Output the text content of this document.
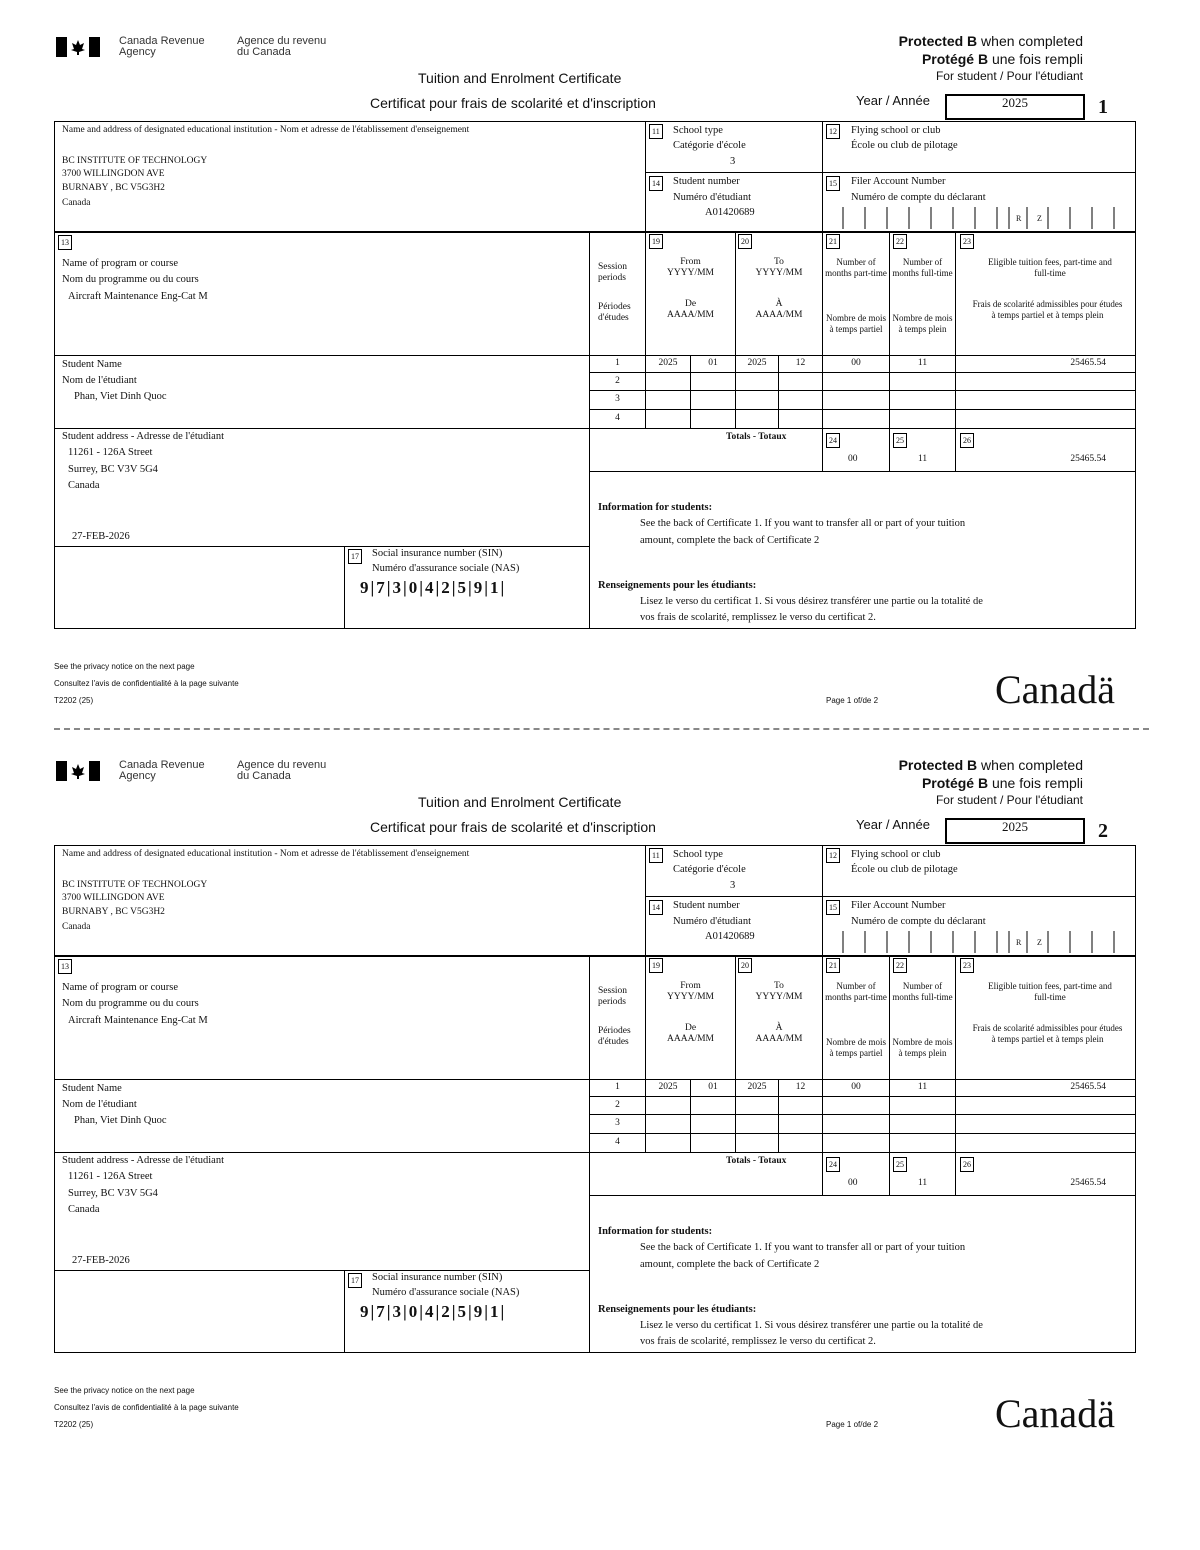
Canada Revenue
Agency
Agence du revenu
du Canada
Protected B when completed
Protégé B une fois rempli
For student / Pour l'étudiant
Tuition and Enrolment Certificate
Certificat pour frais de scolarité et d'inscription	Year / Année	2025	1
Name and address of designated educational institution - Nom et adresse de l'établissement d'enseignement
BC INSTITUTE OF TECHNOLOGY
3700 WILLINGDON AVE
BURNABY , BC V5G3H2
Canada
11 School type
Catégorie d'école
3
12 Flying school or club
École ou club de pilotage
14 Student number
Numéro d'étudiant
A01420689
15 Filer Account Number
Numéro de compte du déclarant
R Z
13
Name of program or course
Nom du programme ou du cours
Aircraft Maintenance Eng-Cat M
Session periods
Périodes d'études
19
From
YYYY/MM
De
AAAA/MM
20
To
YYYY/MM
À
AAAA/MM
21
Number of months part-time
Nombre de mois à temps partiel
22
Number of months full-time
Nombre de mois à temps plein
23
Eligible tuition fees, part-time and full-time
Frais de scolarité admissibles pour études à temps partiel et à temps plein
Student Name
Nom de l'étudiant
Phan, Viet Dinh Quoc
1	2025	01	2025	12	00	11	25465.54
2
3
4
Student address - Adresse de l'étudiant
11261 - 126A Street
Surrey, BC V3V 5G4
Canada
27-FEB-2026
Totals - Totaux	24	25	26
00	11	25465.54
17 Social insurance number (SIN)
Numéro d'assurance sociale (NAS)
9|7|3|0|4|2|5|9|1|
Information for students:
See the back of Certificate 1. If you want to transfer all or part of your tuition
amount, complete the back of Certificate 2
Renseignements pour les étudiants:
Lisez le verso du certificat 1. Si vous désirez transférer une partie ou la totalité de
vos frais de scolarité, remplissez le verso du certificat 2.
See the privacy notice on the next page
Consultez l'avis de confidentialité à la page suivante
T2202 (25)	Page 1 of/de 2	Canadä
Canada Revenue
Agency
Agence du revenu
du Canada
Protected B when completed
Protégé B une fois rempli
For student / Pour l'étudiant
Tuition and Enrolment Certificate
Certificat pour frais de scolarité et d'inscription	Year / Année	2025	2
Name and address of designated educational institution - Nom et adresse de l'établissement d'enseignement
BC INSTITUTE OF TECHNOLOGY
3700 WILLINGDON AVE
BURNABY , BC V5G3H2
Canada
11 School type
Catégorie d'école
3
12 Flying school or club
École ou club de pilotage
14 Student number
Numéro d'étudiant
A01420689
15 Filer Account Number
Numéro de compte du déclarant
R Z
13
Name of program or course
Nom du programme ou du cours
Aircraft Maintenance Eng-Cat M
Session periods
Périodes d'études
19
From
YYYY/MM
De
AAAA/MM
20
To
YYYY/MM
À
AAAA/MM
21
Number of months part-time
Nombre de mois à temps partiel
22
Number of months full-time
Nombre de mois à temps plein
23
Eligible tuition fees, part-time and full-time
Frais de scolarité admissibles pour études à temps partiel et à temps plein
Student Name
Nom de l'étudiant
Phan, Viet Dinh Quoc
1	2025	01	2025	12	00	11	25465.54
2
3
4
Student address - Adresse de l'étudiant
11261 - 126A Street
Surrey, BC V3V 5G4
Canada
27-FEB-2026
Totals - Totaux	24	25	26
00	11	25465.54
17 Social insurance number (SIN)
Numéro d'assurance sociale (NAS)
9|7|3|0|4|2|5|9|1|
Information for students:
See the back of Certificate 1. If you want to transfer all or part of your tuition
amount, complete the back of Certificate 2
Renseignements pour les étudiants:
Lisez le verso du certificat 1. Si vous désirez transférer une partie ou la totalité de
vos frais de scolarité, remplissez le verso du certificat 2.
See the privacy notice on the next page
Consultez l'avis de confidentialité à la page suivante
T2202 (25)	Page 1 of/de 2	Canadä
